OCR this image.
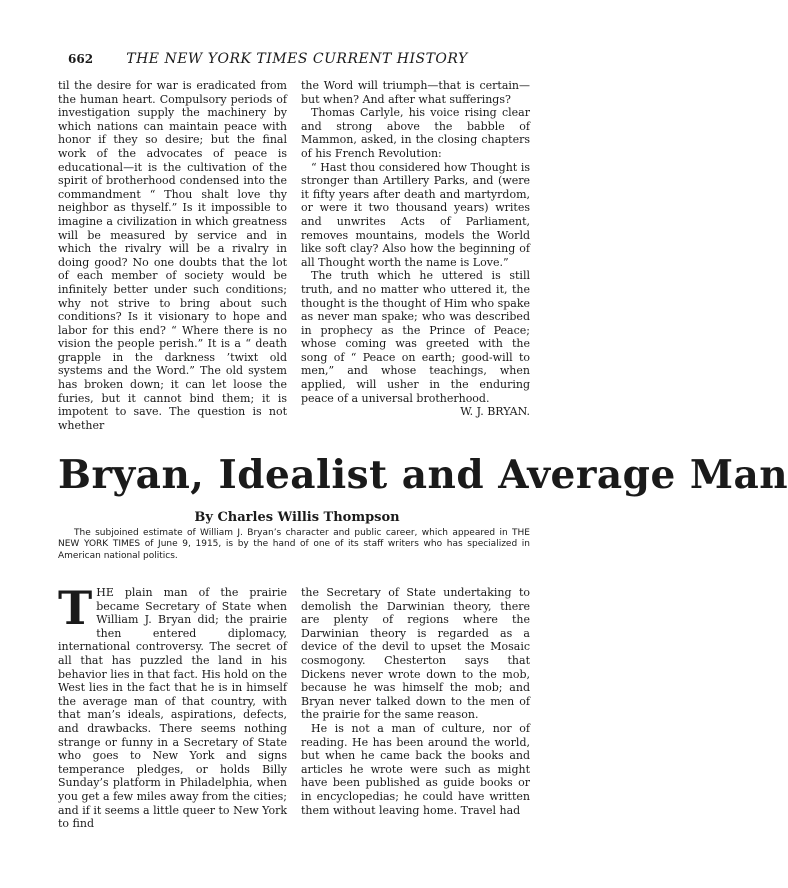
662	THE NEW YORK TIMES CURRENT HISTORY

til the desire for war is eradicated from the human heart. Compulsory periods of investigation supply the machinery by which nations can maintain peace with honor if they so desire; but the final work of the advocates of peace is educational—it is the cultivation of the spirit of brotherhood condensed into the commandment “ Thou shalt love thy neighbor as thyself.” Is it impossible to imagine a civilization in which greatness will be measured by service and in which the rivalry will be a rivalry in doing good? No one doubts that the lot of each member of society would be infinitely better under such conditions; why not strive to bring about such conditions? Is it visionary to hope and labor for this end? “ Where there is no vision the people perish.” It is a “ death grapple in the darkness ’twixt old systems and the Word.” The old system has broken down; it can let loose the furies, but it cannot bind them; it is impotent to save. The question is not whether

the Word will triumph—that is certain—but when? And after what sufferings?

Thomas Carlyle, his voice rising clear and strong above the babble of Mammon, asked, in the closing chapters of his French Revolution:

“ Hast thou considered how Thought is stronger than Artillery Parks, and (were it fifty years after death and martyrdom, or were it two thousand years) writes and unwrites Acts of Parliament, removes mountains, models the World like soft clay? Also how the beginning of all Thought worth the name is Love.”

The truth which he uttered is still truth, and no matter who uttered it, the thought is the thought of Him who spake as never man spake; who was described in prophecy as the Prince of Peace; whose coming was greeted with the song of “ Peace on earth; good-will to men,” and whose teachings, when applied, will usher in the enduring peace of a universal brotherhood.
W. J. BRYAN.

Bryan, Idealist and Average Man
By Charles Willis Thompson
The subjoined estimate of William J. Bryan’s character and public career, which appeared in THE NEW YORK TIMES of June 9, 1915, is by the hand of one of its staff writers who has specialized in American national politics.

THE plain man of the prairie became Secretary of State when William J. Bryan did; the prairie then entered diplomacy, international controversy. The secret of all that has puzzled the land in his behavior lies in that fact. His hold on the West lies in the fact that he is in himself the average man of that country, with that man’s ideals, aspirations, defects, and drawbacks. There seems nothing strange or funny in a Secretary of State who goes to New York and signs temperance pledges, or holds Billy Sunday’s platform in Philadelphia, when you get a few miles away from the cities; and if it seems a little queer to New York to find

the Secretary of State undertaking to demolish the Darwinian theory, there are plenty of regions where the Darwinian theory is regarded as a device of the devil to upset the Mosaic cosmogony. Chesterton says that Dickens never wrote down to the mob, because he was himself the mob; and Bryan never talked down to the men of the prairie for the same reason.

He is not a man of culture, nor of reading. He has been around the world, but when he came back the books and articles he wrote were such as might have been published as guide books or in encyclopedias; he could have written them without leaving home. Travel had
